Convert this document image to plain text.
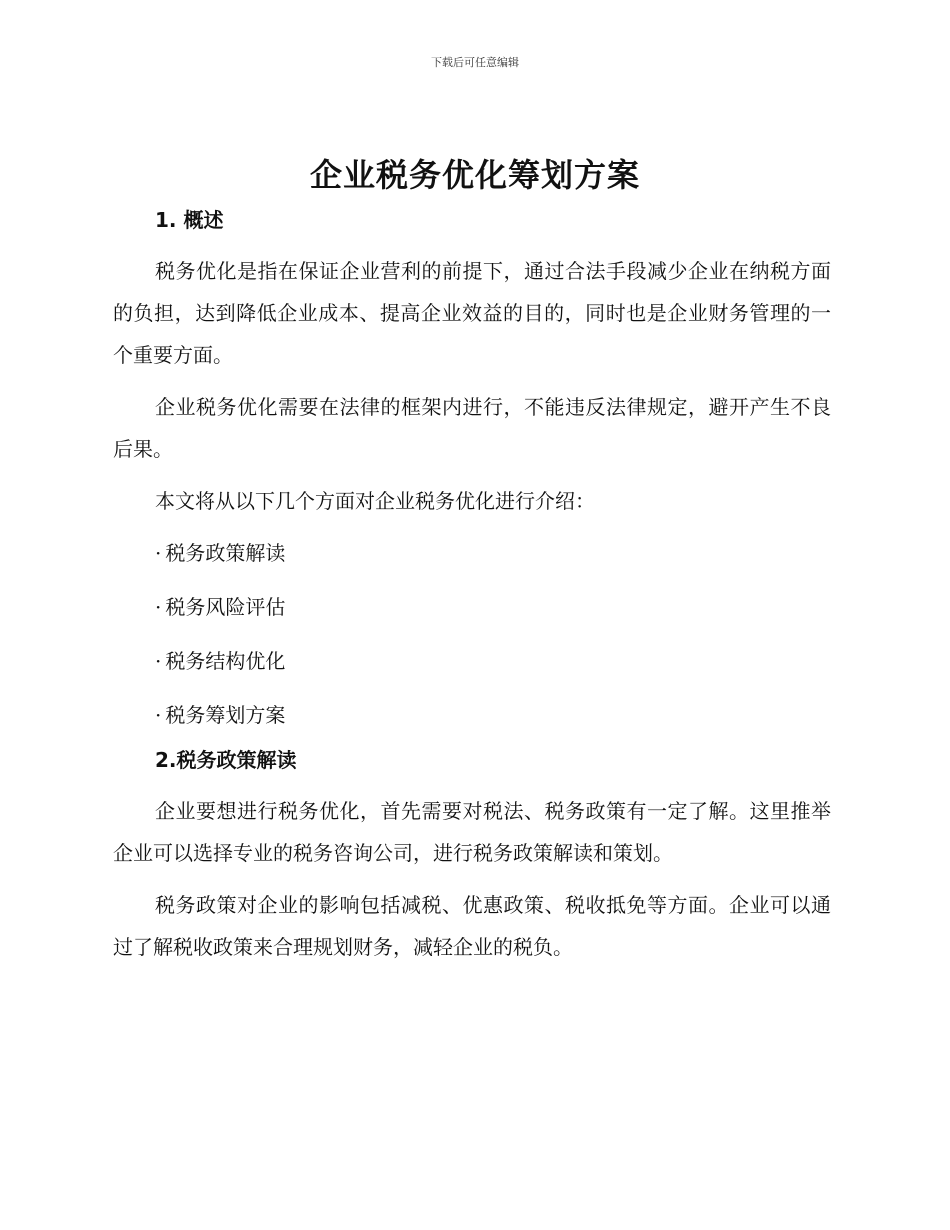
下载后可任意编辑
企业税务优化筹划方案
1. 概述

税务优化是指在保证企业营利的前提下，通过合法手段减少企业在纳税方面的负担，达到降低企业成本、提高企业效益的目的，同时也是企业财务管理的一个重要方面。

企业税务优化需要在法律的框架内进行，不能违反法律规定，避开产生不良后果。

本文将从以下几个方面对企业税务优化进行介绍：

· 税务政策解读
· 税务风险评估
· 税务结构优化
· 税务筹划方案
2.税务政策解读

企业要想进行税务优化，首先需要对税法、税务政策有一定了解。这里推举企业可以选择专业的税务咨询公司，进行税务政策解读和策划。

税务政策对企业的影响包括减税、优惠政策、税收抵免等方面。企业可以通过了解税收政策来合理规划财务，减轻企业的税负。
